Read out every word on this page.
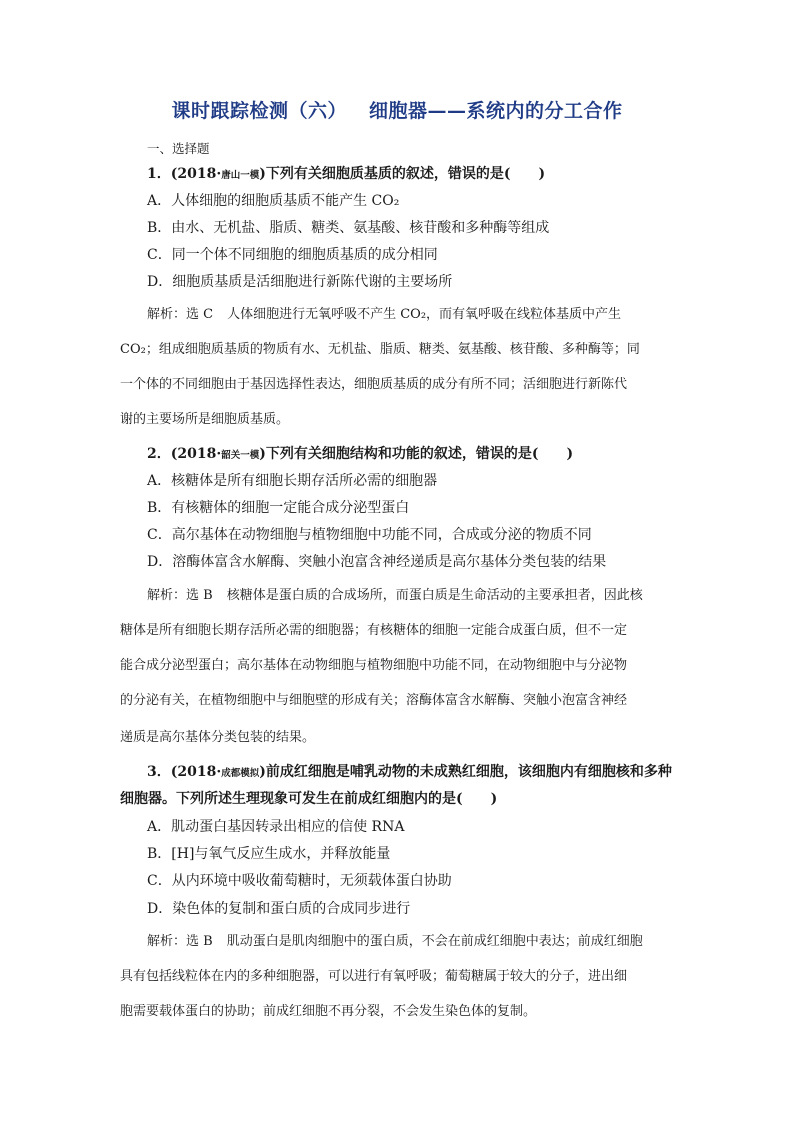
课时跟踪检测（六） 细胞器——系统内的分工合作
一、选择题
1．(2018·唐山一模)下列有关细胞质基质的叙述，错误的是(　　)
A．人体细胞的细胞质基质不能产生 CO₂
B．由水、无机盐、脂质、糖类、氨基酸、核苷酸和多种酶等组成
C．同一个体不同细胞的细胞质基质的成分相同
D．细胞质基质是活细胞进行新陈代谢的主要场所
解析：选 C 人体细胞进行无氧呼吸不产生 CO₂，而有氧呼吸在线粒体基质中产生
CO₂；组成细胞质基质的物质有水、无机盐、脂质、糖类、氨基酸、核苷酸、多种酶等；同
一个体的不同细胞由于基因选择性表达，细胞质基质的成分有所不同；活细胞进行新陈代
谢的主要场所是细胞质基质。
2．(2018·韶关一模)下列有关细胞结构和功能的叙述，错误的是(　　)
A．核糖体是所有细胞长期存活所必需的细胞器
B．有核糖体的细胞一定能合成分泌型蛋白
C．高尔基体在动物细胞与植物细胞中功能不同，合成或分泌的物质不同
D．溶酶体富含水解酶、突触小泡富含神经递质是高尔基体分类包装的结果
解析：选 B 核糖体是蛋白质的合成场所，而蛋白质是生命活动的主要承担者，因此核
糖体是所有细胞长期存活所必需的细胞器；有核糖体的细胞一定能合成蛋白质，但不一定
能合成分泌型蛋白；高尔基体在动物细胞与植物细胞中功能不同，在动物细胞中与分泌物
的分泌有关，在植物细胞中与细胞壁的形成有关；溶酶体富含水解酶、突触小泡富含神经
递质是高尔基体分类包装的结果。
3．(2018·成都模拟)前成红细胞是哺乳动物的未成熟红细胞，该细胞内有细胞核和多种
细胞器。下列所述生理现象可发生在前成红细胞内的是(　　)
A．肌动蛋白基因转录出相应的信使 RNA
B．[H]与氧气反应生成水，并释放能量
C．从内环境中吸收葡萄糖时，无须载体蛋白协助
D．染色体的复制和蛋白质的合成同步进行
解析：选 B 肌动蛋白是肌肉细胞中的蛋白质，不会在前成红细胞中表达；前成红细胞
具有包括线粒体在内的多种细胞器，可以进行有氧呼吸；葡萄糖属于较大的分子，进出细
胞需要载体蛋白的协助；前成红细胞不再分裂，不会发生染色体的复制。
